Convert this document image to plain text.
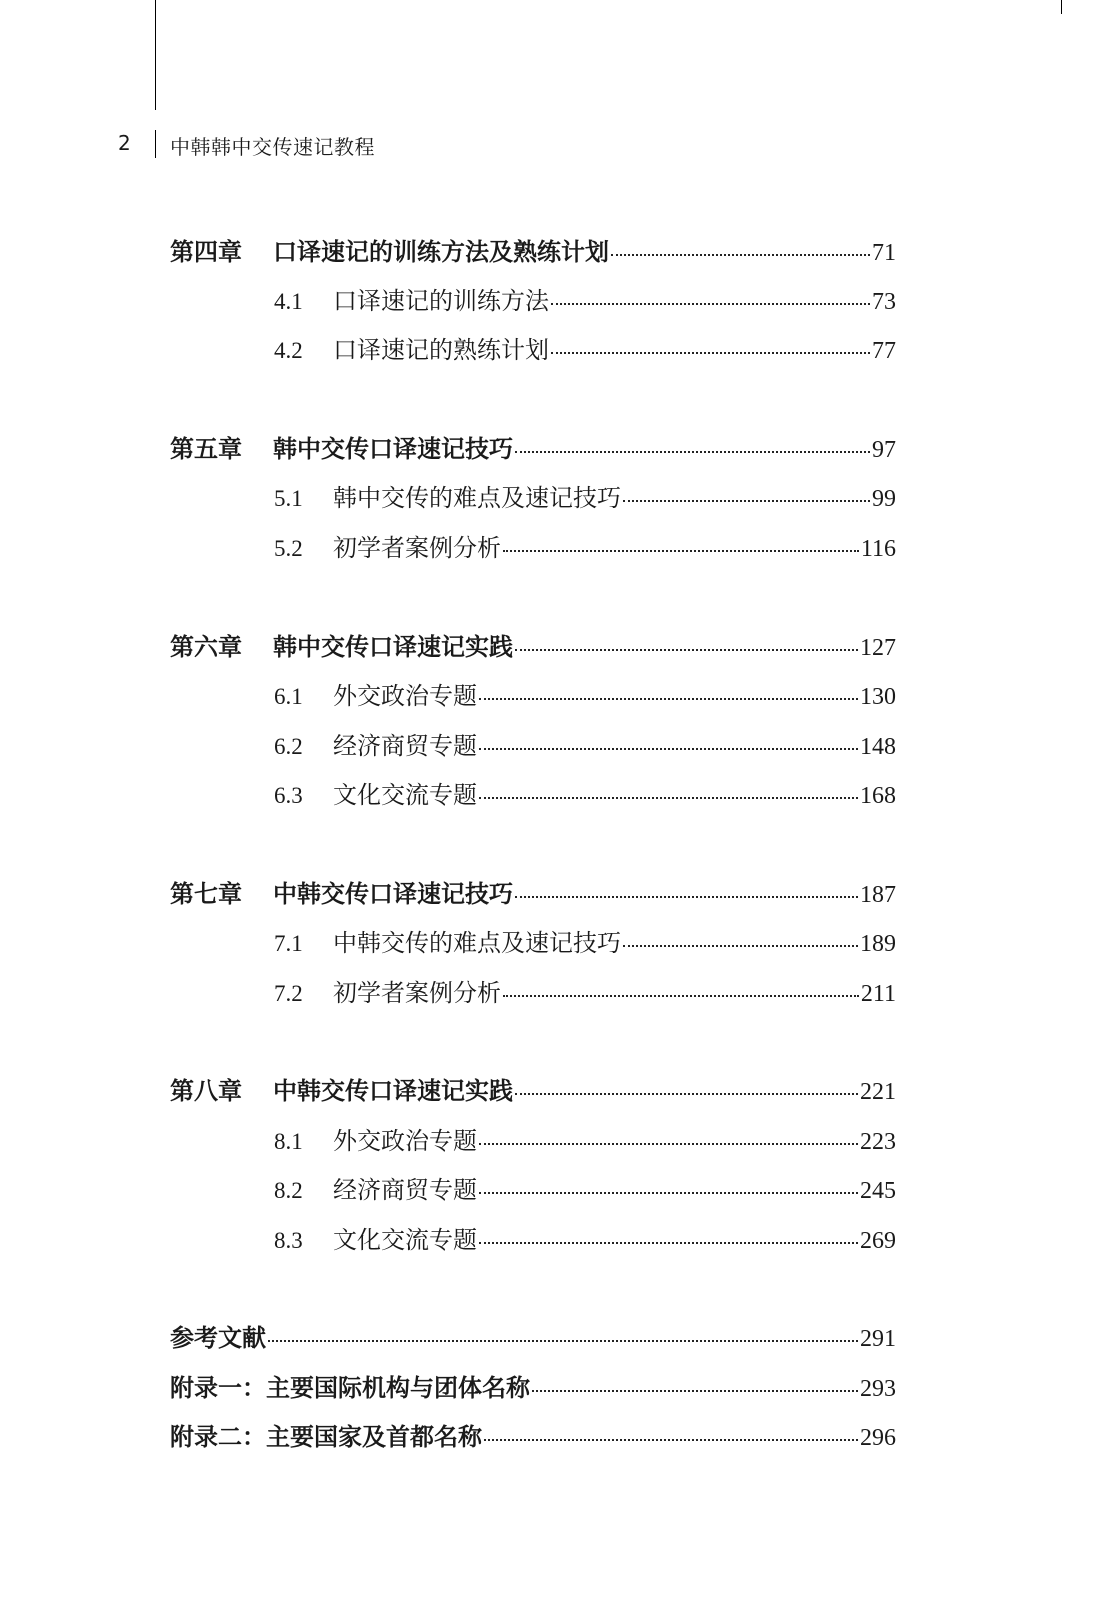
2 中韩韩中交传速记教程
第四章	口译速记的训练方法及熟练计划	71
4.1	口译速记的训练方法	73
4.2	口译速记的熟练计划	77
第五章	韩中交传口译速记技巧	97
5.1	韩中交传的难点及速记技巧	99
5.2	初学者案例分析	116
第六章	韩中交传口译速记实践	127
6.1	外交政治专题	130
6.2	经济商贸专题	148
6.3	文化交流专题	168
第七章	中韩交传口译速记技巧	187
7.1	中韩交传的难点及速记技巧	189
7.2	初学者案例分析	211
第八章	中韩交传口译速记实践	221
8.1	外交政治专题	223
8.2	经济商贸专题	245
8.3	文化交流专题	269
参考文献	291
附录一：主要国际机构与团体名称	293
附录二：主要国家及首都名称	296
